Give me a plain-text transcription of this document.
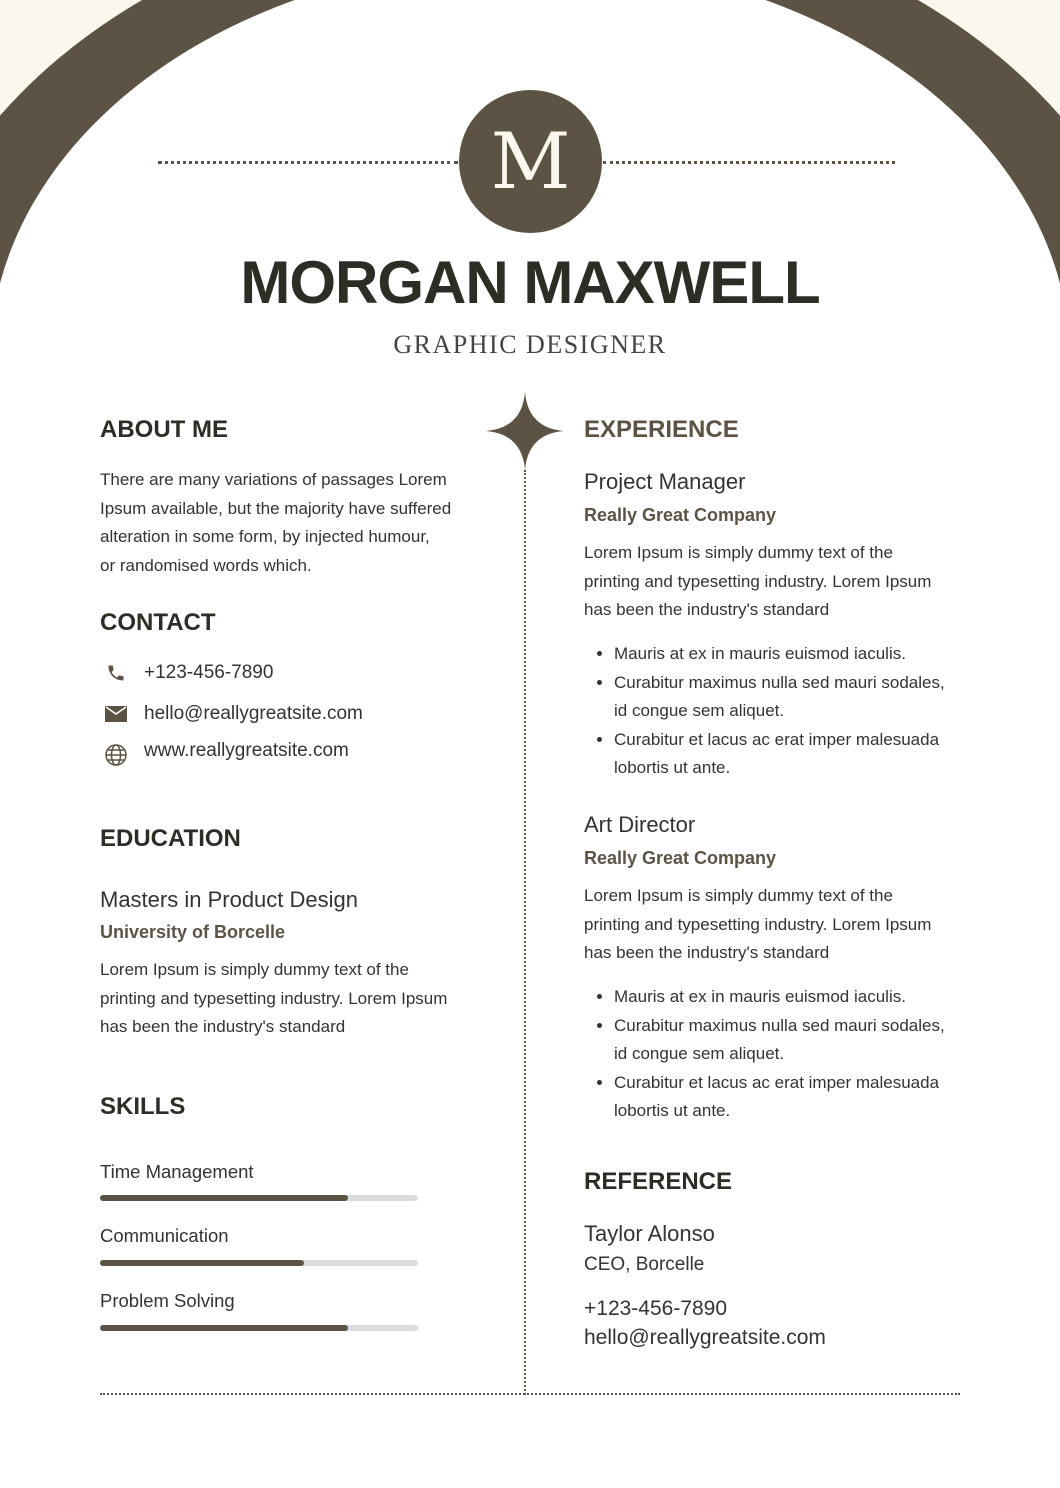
M
MORGAN MAXWELL
GRAPHIC DESIGNER
ABOUT ME
There are many variations of passages Lorem
Ipsum available, but the majority have suffered
alteration in some form, by injected humour,
or randomised words which.
CONTACT
+123-456-7890
hello@reallygreatsite.com
www.reallygreatsite.com
EDUCATION
Masters in Product Design
University of Borcelle
Lorem Ipsum is simply dummy text of the
printing and typesetting industry. Lorem Ipsum
has been the industry's standard
SKILLS
Time Management
Communication
Problem Solving
EXPERIENCE
Project Manager
Really Great Company
Lorem Ipsum is simply dummy text of the
printing and typesetting industry. Lorem Ipsum
has been the industry's standard
• Mauris at ex in mauris euismod iaculis.
• Curabitur maximus nulla sed mauri sodales,
id congue sem aliquet.
• Curabitur et lacus ac erat imper malesuada
lobortis ut ante.
Art Director
Really Great Company
Lorem Ipsum is simply dummy text of the
printing and typesetting industry. Lorem Ipsum
has been the industry's standard
• Mauris at ex in mauris euismod iaculis.
• Curabitur maximus nulla sed mauri sodales,
id congue sem aliquet.
• Curabitur et lacus ac erat imper malesuada
lobortis ut ante.
REFERENCE
Taylor Alonso
CEO, Borcelle
+123-456-7890
hello@reallygreatsite.com
